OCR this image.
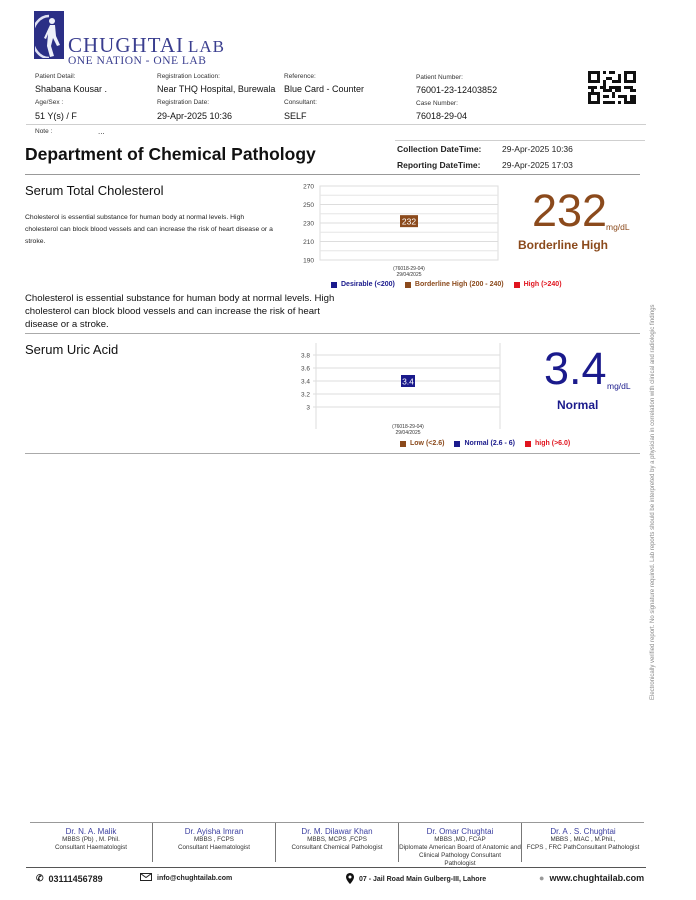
CHUGHTAI LAB
ONE NATION - ONE LAB
Patient Detail:
Shabana Kousar .
Age/Sex :
51 Y(s) / F
Registration Location:
Near THQ Hospital, Burewala
Registration Date:
29-Apr-2025 10:36
Reference:
Blue Card - Counter
Consultant:
SELF
Patient Number:
76001-23-12403852
Case Number:
76018-29-04
Note :	...
Department of Chemical Pathology	Collection DateTime: 29-Apr-2025 10:36
Reporting DateTime:	29-Apr-2025 17:03
Serum Total Cholesterol
Cholesterol is essential substance for human body at normal levels. High cholesterol can block blood vessels and can increase the risk of heart disease or a stroke.
270
250
230
210
190
232
(76018-29-04)
29/04/2025
232
mg/dL
Borderline High
Desirable (<200)	Borderline High (200 - 240)	High (>240)
Cholesterol is essential substance for human body at normal levels. High cholesterol can block blood vessels and can increase the risk of heart disease or a stroke.
Serum Uric Acid	3.8
3.6
3.4
3.2
3
3.4
(76018-29-04)
29/04/2025
3.4 mg/dL
Normal
Low (<2.6)	Normal (2.6 - 6)	high (>6.0)	Electronically verified report. No signature required. Lab reports should be interpreted by a physician in correlation with clinical and radiologic findings
Dr. N. A. Malik
MBBS (Pb) , M. Phil.
Consultant Haematologist
Dr. Ayisha Imran
MBBS , FCPS
Consultant Haematologist
Dr. M. Dilawar Khan
MBBS, MCPS ,FCPS
Consultant Chemical Pathologist
Dr. Omar Chughtai
MBBS ,MD, FCAP
Diplomate American Board of Anatomic and Clinical Pathology Consultant
Pathologist
Dr. A . S. Chughtai
MBBS , MIAC , M.Phil.,
FCPS , FRC PathConsultant Pathologist
✆ 03111456789	info@chughtailab.com	07 - Jail Road Main Gulberg-III, Lahore	● www.chughtailab.com
